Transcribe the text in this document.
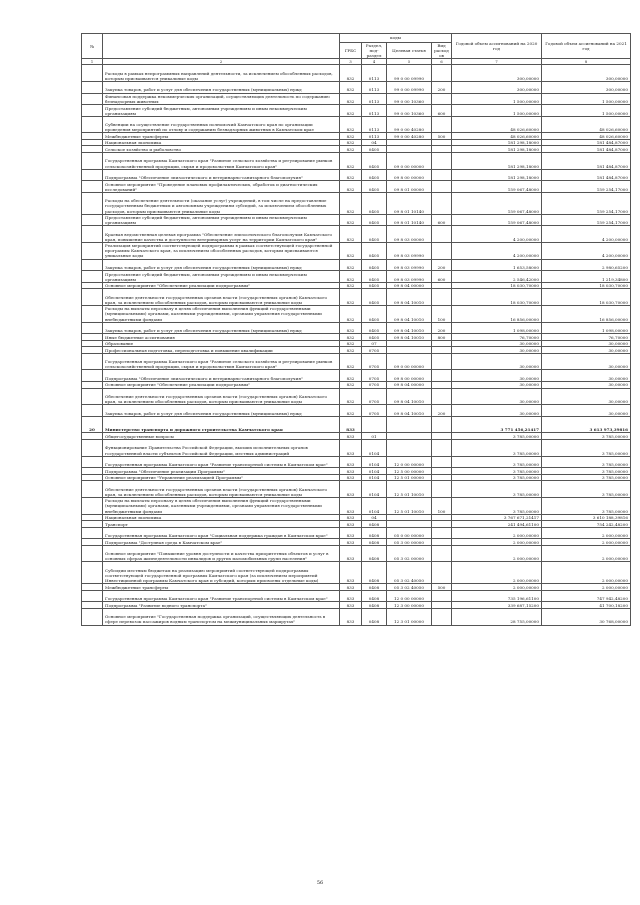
№		коды				Годовой объем ассигнований на 2020 год	Годовой объем ассигнований на 2021 год
		ГРБС	Раздел, под-раздел	Целевая статья	Вид расходов		
1	2	3	4	5	6	7	8
	Расходы в рамках непрограммных направлений деятельности, за исключением обособленных расходов, которым присваиваются уникальные коды	832	0113	99 0 00 09990		300,00000	300,00000
	Закупка товаров, работ и услуг для обеспечения государственных (муниципальных) нужд	832	0113	99 0 00 09990	200	300,00000	300,00000
	Финансовая поддержка некоммерческих организаций, осуществляющих деятельность по содержанию безнадзорных животных	832	0113	99 0 00 10360		1 500,00000	1 500,00000
	Предоставление субсидий бюджетным, автономным учреждениям и иным некоммерческим организациям	832	0113	99 0 00 10360	600	1 500,00000	1 500,00000
	Субвенции на осуществление государственных полномочий Камчатского края по организации проведения мероприятий по отлову и содержанию безнадзорных животных в Камчатском крае	832	0113	99 0 00 40280		48 026,60000	48 026,60000
	Межбюджетные трансферты	832	0113	99 0 00 40280	500	48 026,60000	48 026,60000
	Национальная экономика	832	04			181 298,18000	181 484,87000
	Сельское хозяйство и рыболовство	832	0405			181 298,18000	181 484,87000
	Государственная программа Камчатского края "Развитие сельского хозяйства и регулирование рынков сельскохозяйственной продукции, сырья и продовольствия Камчатского края"	832	0405	09 0 00 00000		181 298,18000	181 484,87000
	Подпрограмма "Обеспечение эпизоотического и ветеринарно-санитарного благополучия"	832	0405	09 8 00 00000		181 298,18000	181 484,87000
	Основное мероприятие "Проведение плановых профилактических, обработок и диагностических исследований"	832	0405	09 8 01 00000		159 067,48000	159 254,17000
	Расходы на обеспечение деятельности (оказание услуг) учреждений, в том числе на предоставление государственным бюджетным и автономным учреждениям субсидий, за исключением обособленных расходов, которым присваиваются уникальные коды	832	0405	09 8 01 10140		159 067,48000	159 254,17000
	Предоставление субсидий бюджетным, автономным учреждениям и иным некоммерческим организациям	832	0405	09 8 01 10140	600	159 067,48000	159 254,17000
	Краевая ведомственная целевая программа "Обеспечение эпизоотического благополучия Камчатского края, повышение качества и доступности ветеринарных услуг на территории Камчатского края"	832	0405	09 8 03 00000		4 200,00000	4 200,00000
	Реализация мероприятий соответствующей подпрограммы в рамках соответствующей государственной программы Камчатского края, за исключением обособленных расходов, которым присваиваются уникальные коды	832	0405	09 8 03 09990		4 200,00000	4 200,00000
	Закупка товаров, работ и услуг для обеспечения государственных (муниципальных) нужд	832	0405	09 8 03 09990	200	1 653,58000	2 980,65200
	Предоставление субсидий бюджетным, автономным учреждениям и иным некоммерческим организациям	832	0405	09 8 03 09990	600	2 546,42000	1 219,34800
	Основное мероприятие "Обеспечение реализации подпрограммы"	832	0405	09 8 04 00000		18 030,70000	18 030,70000
	Обеспечение деятельности государственных органов власти (государственных органов) Камчатского края, за исключением обособленных расходов, которым присваиваются уникальные коды	832	0405	09 8 04 10010		18 030,70000	18 030,70000
	Расходы на выплаты персоналу в целях обеспечения выполнения функций государственными (муниципальными) органами, казенными учреждениями, органами управления государственными внебюджетными фондами	832	0405	09 8 04 10010	100	16 856,00000	16 856,00000
	Закупка товаров, работ и услуг для обеспечения государственных (муниципальных) нужд	832	0405	09 8 04 10010	200	1 098,00000	1 098,00000
	Иные бюджетные ассигнования	832	0405	09 8 04 10010	800	76,70000	76,70000
	Образование	832	07			30,00000	30,00000
	Профессиональная подготовка, переподготовка и повышение квалификации	832	0705			30,00000	30,00000
	Государственная программа Камчатского края "Развитие сельского хозяйства и регулирование рынков сельскохозяйственной продукции, сырья и продовольствия Камчатского края"	832	0705	09 0 00 00000		30,00000	30,00000
	Подпрограмма "Обеспечение эпизоотического и ветеринарно-санитарного благополучия"	832	0705	09 8 00 00000		30,00000	30,00000
	Основное мероприятие "Обеспечение реализации подпрограммы"	832	0705	09 8 04 00000		30,00000	30,00000
	Обеспечение деятельности государственных органов власти (государственных органов) Камчатского края, за исключением обособленных расходов, которым присваиваются уникальные коды	832	0705	09 8 04 10010		30,00000	30,00000
	Закупка товаров, работ и услуг для обеспечения государственных (муниципальных) нужд	832	0705	09 8 04 10010	200	30,00000	30,00000
20	Министерство транспорта и дорожного строительства Камчатского края	833				3 771 456,21417	3 613 973,39816
	Общегосударственные вопросы	833	01			3 785,00000	3 785,00000
	Функционирование Правительства Российской Федерации, высших исполнительных органов государственной власти субъектов Российской Федерации, местных администраций	833	0104			3 785,00000	3 785,00000
	Государственная программа Камчатского края "Развитие транспортной системы в Камчатском крае"	833	0104	12 0 00 00000		3 785,00000	3 785,00000
	Подпрограмма "Обеспечение реализации Программы"	833	0104	12 5 00 00000		3 785,00000	3 785,00000
	Основное мероприятие "Управление реализацией Программы"	833	0104	12 5 01 00000		3 785,00000	3 785,00000
	Обеспечение деятельности государственных органов власти (государственных органов) Камчатского края, за исключением обособленных расходов, которым присваиваются уникальные коды	833	0104	12 5 01 10010		3 785,00000	3 785,00000
	Расходы на выплаты персоналу в целях обеспечения выполнения функций государственными (муниципальными) органами, казенными учреждениями, органами управления государственными внебюджетными фондами	833	0104	12 5 01 10010	100	3 785,00000	3 785,00000
	Национальная экономика	833	04			3 767 671,21417	3 610 188,39816
	Транспорт	833	0408			241 494,61100	754 242,48200
	Государственная программа Камчатского края "Социальная поддержка граждан в Камчатском крае"	833	0408	05 0 00 00000		2 000,00000	2 000,00000
	Подпрограмма "Доступная среда в Камчатском крае"	833	0408	05 3 00 00000		2 000,00000	2 000,00000
	Основное мероприятие "Повышение уровня доступности и качества приоритетных объектов и услуг в основных сферах жизнедеятельности инвалидов и других маломобильных групп населения"	833	0408	05 3 02 00000		2 000,00000	2 000,00000
	Субсидии местным бюджетам на реализацию мероприятий соответствующей подпрограммы соответствующей государственной программы Камчатского края (за исключением мероприятий Инвестиционной программы Камчатского края и субсидий, которым присвоены отдельные коды)	833	0408	05 3 02 40050		2 000,00000	2 000,00000
	Межбюджетные трансферты	833	0408	05 3 02 40050	500	2 000,00000	2 000,00000
	Государственная программа Камчатского края "Развитие транспортной системы в Камчатском крае"	833	0408	12 0 00 00000		735 196,61100	747 942,48200
	Подпрограмма "Развитие водного транспорта"	833	0408	12 3 00 00000		339 687,15200	41 700,18200
	Основное мероприятие "Государственная поддержка организаций, осуществляющих деятельность в сфере перевозок пассажиров водным транспортом на межмуниципальных маршрутах"	833	0408	12 3 01 00000		28 755,00000	30 768,00000
56
